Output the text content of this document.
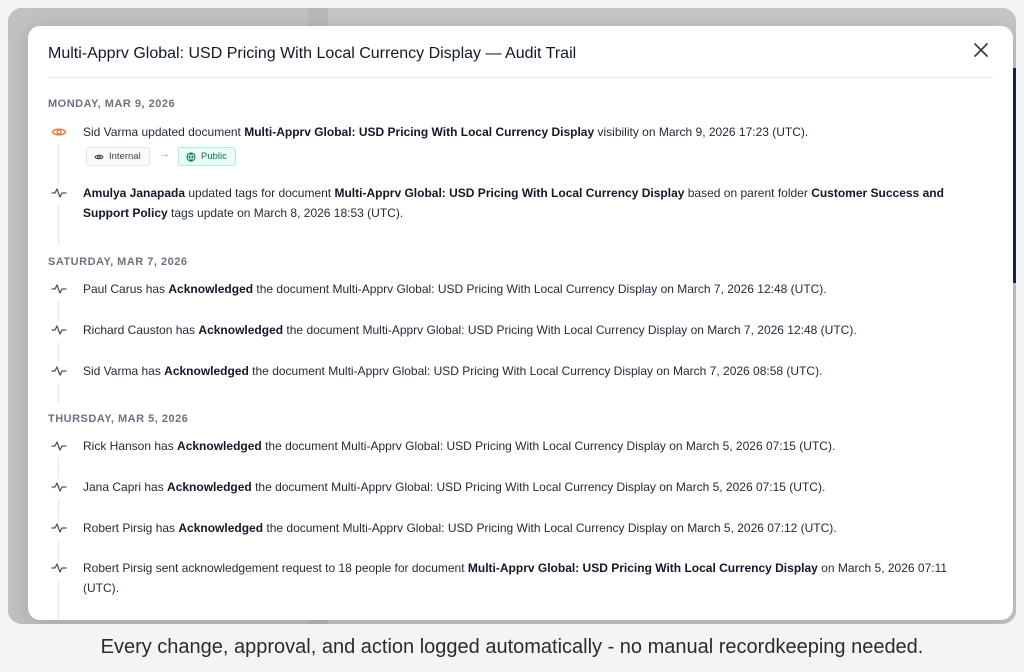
Multi-Apprv Global: USD Pricing With Local Currency Display — Audit Trail
MONDAY, MAR 9, 2026
Sid Varma updated document Multi-Apprv Global: USD Pricing With Local Currency Display visibility on March 9, 2026 17:23 (UTC).
Internal	→	Public
Amulya Janapada updated tags for document Multi-Apprv Global: USD Pricing With Local Currency Display based on parent folder Customer Success and Support Policy tags update on March 8, 2026 18:53 (UTC).
SATURDAY, MAR 7, 2026
Paul Carus has Acknowledged the document Multi-Apprv Global: USD Pricing With Local Currency Display on March 7, 2026 12:48 (UTC).
Richard Causton has Acknowledged the document Multi-Apprv Global: USD Pricing With Local Currency Display on March 7, 2026 12:48 (UTC).
Sid Varma has Acknowledged the document Multi-Apprv Global: USD Pricing With Local Currency Display on March 7, 2026 08:58 (UTC).
THURSDAY, MAR 5, 2026
Rick Hanson has Acknowledged the document Multi-Apprv Global: USD Pricing With Local Currency Display on March 5, 2026 07:15 (UTC).
Jana Capri has Acknowledged the document Multi-Apprv Global: USD Pricing With Local Currency Display on March 5, 2026 07:15 (UTC).
Robert Pirsig has Acknowledged the document Multi-Apprv Global: USD Pricing With Local Currency Display on March 5, 2026 07:12 (UTC).
Robert Pirsig sent acknowledgement request to 18 people for document Multi-Apprv Global: USD Pricing With Local Currency Display on March 5, 2026 07:11 (UTC).
Every change, approval, and action logged automatically - no manual recordkeeping needed.
